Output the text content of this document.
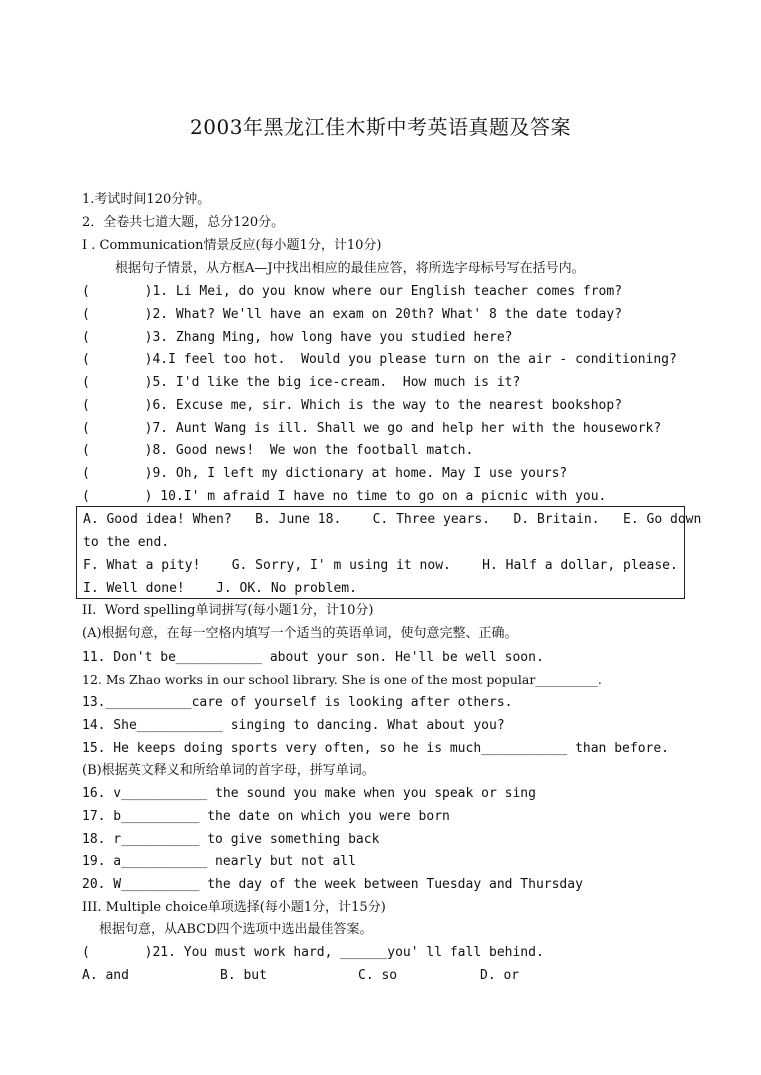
2003年黑龙江佳木斯中考英语真题及答案
1.考试时间120分钟。
2．全卷共七道大题，总分120分。
I . Communication情景反应(每小题1分，计10分)
根据句子情景，从方框A—J中找出相应的最佳应答，将所选字母标号写在括号内。
(       )1. Li Mei, do you know where our English teacher comes from?
(       )2. What? We'll have an exam on 20th? What' 8 the date today?
(       )3. Zhang Ming, how long have you studied here?
(       )4.I feel too hot.  Would you please turn on the air - conditioning?
(       )5. I'd like the big ice-cream.  How much is it?
(       )6. Excuse me, sir. Which is the way to the nearest bookshop?
(       )7. Aunt Wang is ill. Shall we go and help her with the housework?
(       )8. Good news!  We won the football match.
(       )9. Oh, I left my dictionary at home. May I use yours?
(       ) 10.I' m afraid I have no time to go on a picnic with you.
A. Good idea! When?   B. June 18.    C. Three years.   D. Britain.   E. Go down
to the end.
F. What a pity!    G. Sorry, I' m using it now.    H. Half a dollar, please.
I. Well done!    J. OK. No problem.
II.  Word spelling单词拼写(每小题1分，计10分)
(A)根据句意，在每一空格内填写一个适当的英语单词，使句意完整、正确。
11. Don't be___________ about your son. He'll be well soon.
12. Ms Zhao works in our school library. She is one of the most popular__________.
13.___________care of yourself is looking after others.
14. She___________ singing to dancing. What about you?
15. He keeps doing sports very often, so he is much___________ than before.
(B)根据英文释义和所给单词的首字母，拼写单词。
16. v___________ the sound you make when you speak or sing
17. b__________ the date on which you were born
18. r__________ to give something back
19. a___________ nearly but not all
20. W__________ the day of the week between Tuesday and Thursday
III. Multiple choice单项选择(每小题1分，计15分)
根据句意，从ABCD四个选项中选出最佳答案。
(       )21. You must work hard, ______you' ll fall behind.
A. and	B. but	C. so	D. or
